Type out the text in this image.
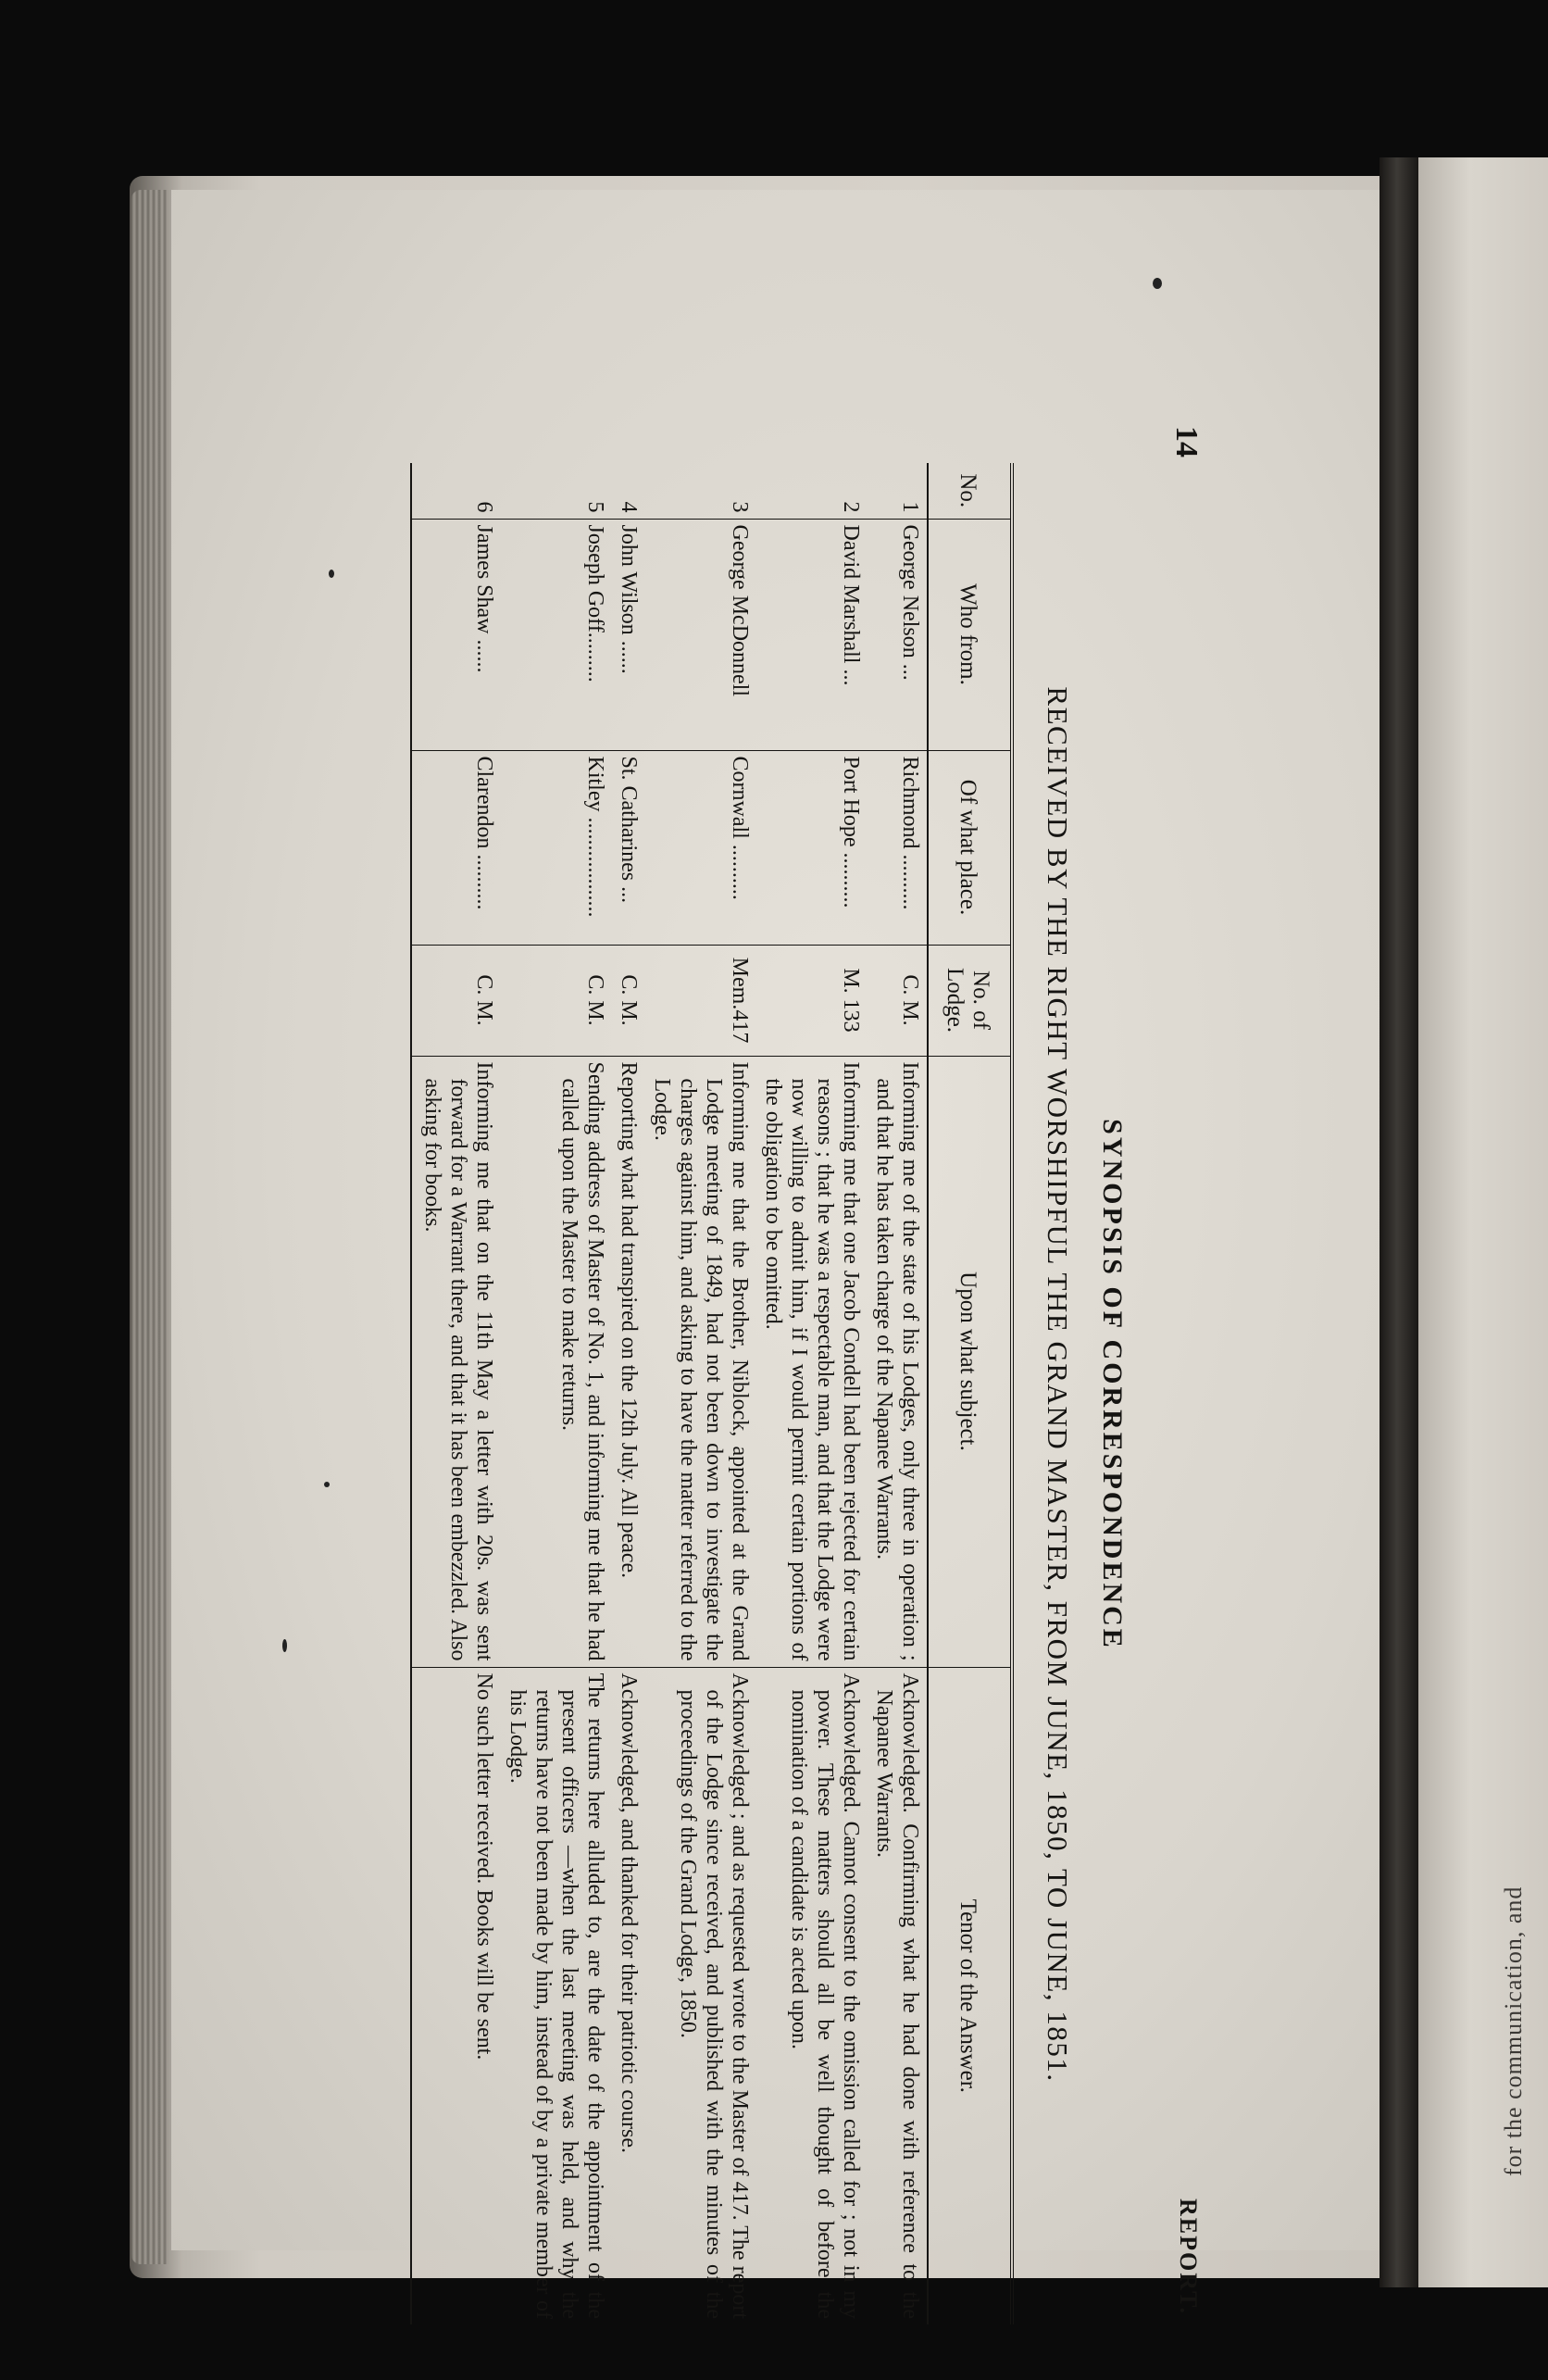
for the communication, and
14
REPORT.
SYNOPSIS OF CORRESPONDENCE
RECEIVED BY THE RIGHT WORSHIPFUL THE GRAND MASTER, FROM JUNE, 1850, TO JUNE, 1851.
No.	Who from.	Of what place.	No. of Lodge.	Upon what subject.	Tenor of the Answer.
1	George Nelson ...	Richmond ..........	C. M.	Informing me of the state of his Lodges, only three in operation ; and that he has taken charge of the Napanee Warrants.	Acknowledged. Confirming what he had done with reference to the Napanee Warrants.

2	David Marshall ...	Port Hope ..........	M. 133	Informing me that one Jacob Condell had been rejected for certain reasons ; that he was a respectable man, and that the Lodge were now willing to admit him, if I would permit certain portions of the obligation to be omitted.	Acknowledged. Cannot consent to the omission called for ; not in my power. These matters should all be well thought of before the nomination of a candidate is acted upon.

3	George McDonnell	Cornwall ..........	Mem.417	Informing me that the Brother, Niblock, appointed at the Grand Lodge meeting of 1849, had not been down to investigate the charges against him, and asking to have the matter referred to the Lodge.	Acknowledged ; and as requested wrote to the Master of 417. The report of the Lodge since received, and published with the minutes of the proceedings of the Grand Lodge, 1850.

4	John Wilson ......	St. Catharines ...	C. M.	Reporting what had transpired on the 12th July. All peace.	Acknowledged, and thanked for their patriotic course.

5	Joseph Goff.........	Kitley ..................	C. M.	Sending address of Master of No. 1, and informing me that he had called upon the Master to make returns.	The returns here alluded to, are the date of the appointment of the present officers —when the last meeting was held, and why the returns have not been made by him, instead of by a private member of his Lodge.

6	James Shaw ......	Clarendon ..........	C. M.	Informing me that on the 11th May a letter with 20s. was sent forward for a Warrant there, and that it has been embezzled. Also asking for books.	No such letter received. Books will be sent.
